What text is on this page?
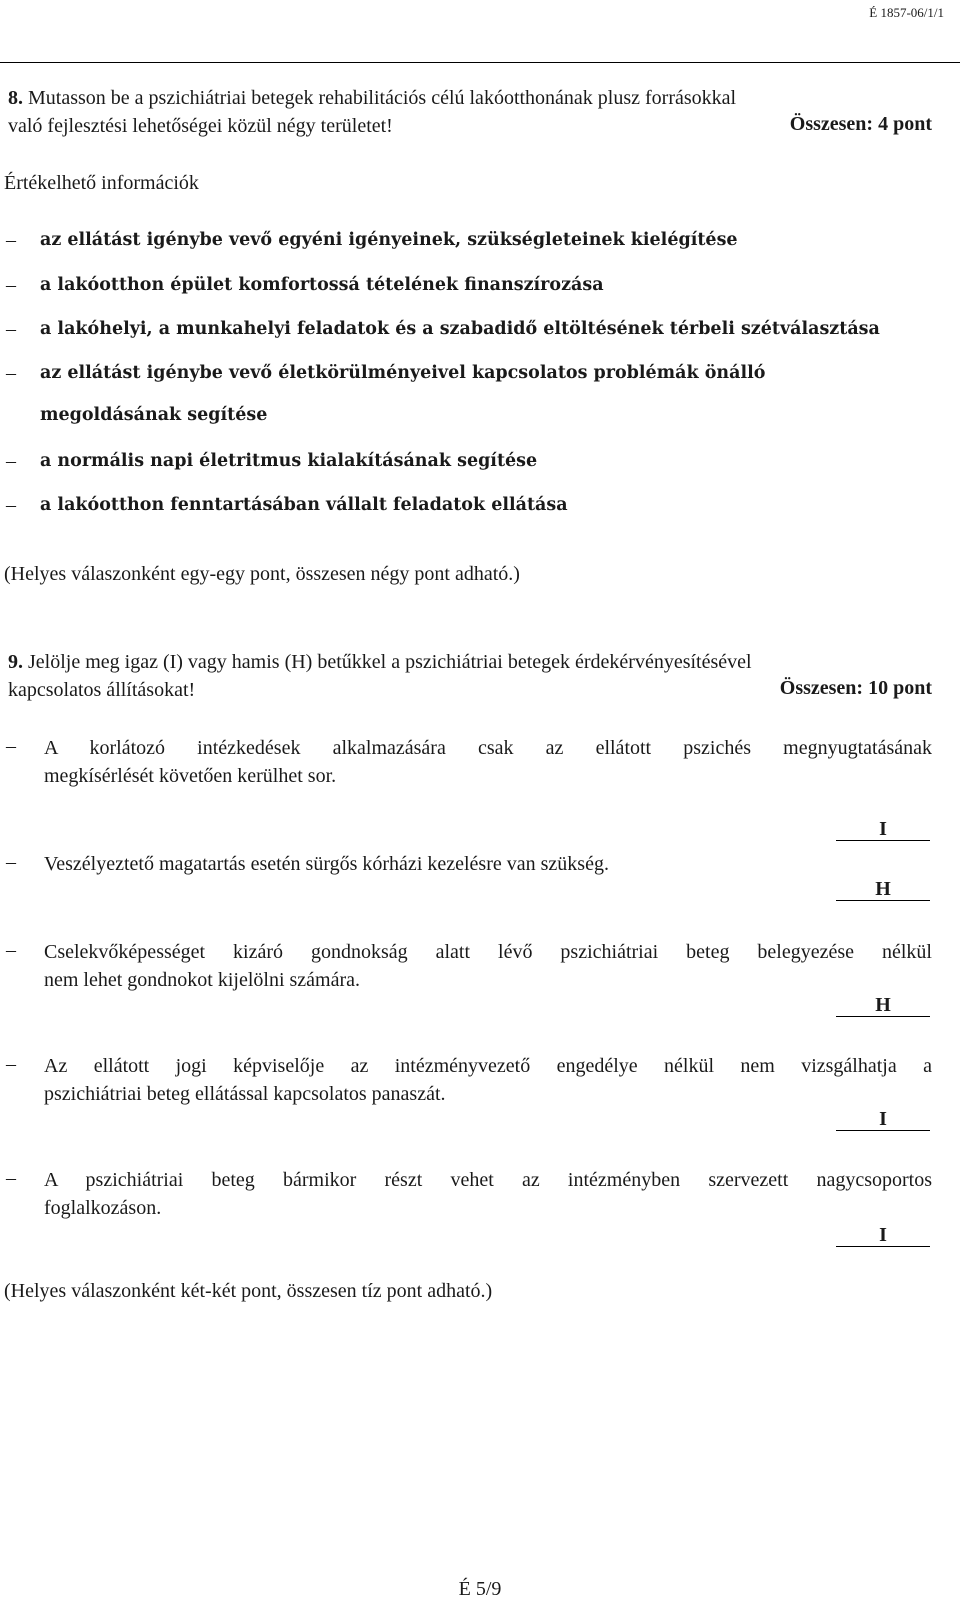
É 1857-06/1/1
8. Mutasson be a pszichiátriai betegek rehabilitációs célú lakóotthonának plusz forrásokkal
való fejlesztési lehetőségei közül négy területet!	Összesen: 4 pont
Értékelhető információk
– az ellátást igénybe vevő egyéni igényeinek, szükségleteinek kielégítése
– a lakóotthon épület komfortossá tételének finanszírozása
– a lakóhelyi, a munkahelyi feladatok és a szabadidő eltöltésének térbeli szétválasztása
– az ellátást igénybe vevő életkörülményeivel kapcsolatos problémák önálló
megoldásának segítése
– a normális napi életritmus kialakításának segítése
– a lakóotthon fenntartásában vállalt feladatok ellátása
(Helyes válaszonként egy-egy pont, összesen négy pont adható.)
9. Jelölje meg igaz (I) vagy hamis (H) betűkkel a pszichiátriai betegek érdekérvényesítésével
kapcsolatos állításokat!	Összesen: 10 pont
– A korlátozó intézkedések alkalmazására csak az ellátott pszichés megnyugtatásának
megkísérlését követően kerülhet sor.
I
– Veszélyeztető magatartás esetén sürgős kórházi kezelésre van szükség.
H
– Cselekvőképességet kizáró gondnokság alatt lévő pszichiátriai beteg belegyezése nélkül
nem lehet gondnokot kijelölni számára.
H
– Az ellátott jogi képviselője az intézményvezető engedélye nélkül nem vizsgálhatja a
pszichiátriai beteg ellátással kapcsolatos panaszát.
I
– A pszichiátriai beteg bármikor részt vehet az intézményben szervezett nagycsoportos
foglalkozáson.
I
(Helyes válaszonként két-két pont, összesen tíz pont adható.)
É 5/9
